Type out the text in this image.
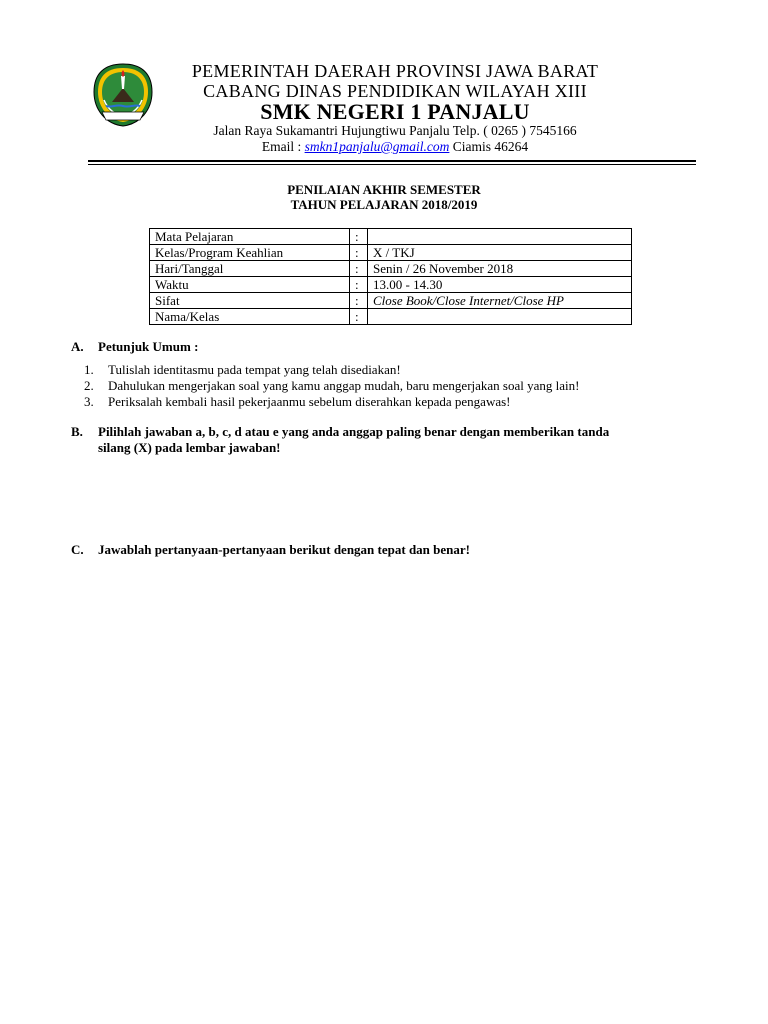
PEMERINTAH DAERAH PROVINSI JAWA BARAT
CABANG DINAS PENDIDIKAN WILAYAH XIII
SMK NEGERI 1 PANJALU
Jalan Raya Sukamantri Hujungtiwu Panjalu Telp. ( 0265 ) 7545166
Email : smkn1panjalu@gmail.com Ciamis 46264
PENILAIAN AKHIR SEMESTER
TAHUN PELAJARAN 2018/2019
Mata Pelajaran	:	
Kelas/Program Keahlian	:	X / TKJ
Hari/Tanggal	:	Senin / 26 November 2018
Waktu	:	13.00 - 14.30
Sifat	:	Close Book/Close Internet/Close HP
Nama/Kelas	:	
A. Petunjuk Umum :
1. Tulislah identitasmu pada tempat yang telah disediakan!
2. Dahulukan mengerjakan soal yang kamu anggap mudah, baru mengerjakan soal yang lain!
3. Periksalah kembali hasil pekerjaanmu sebelum diserahkan kepada pengawas!
B. Pilihlah jawaban a, b, c, d atau e yang anda anggap paling benar dengan memberikan tanda
silang (X) pada lembar jawaban!
C. Jawablah pertanyaan-pertanyaan berikut dengan tepat dan benar!
